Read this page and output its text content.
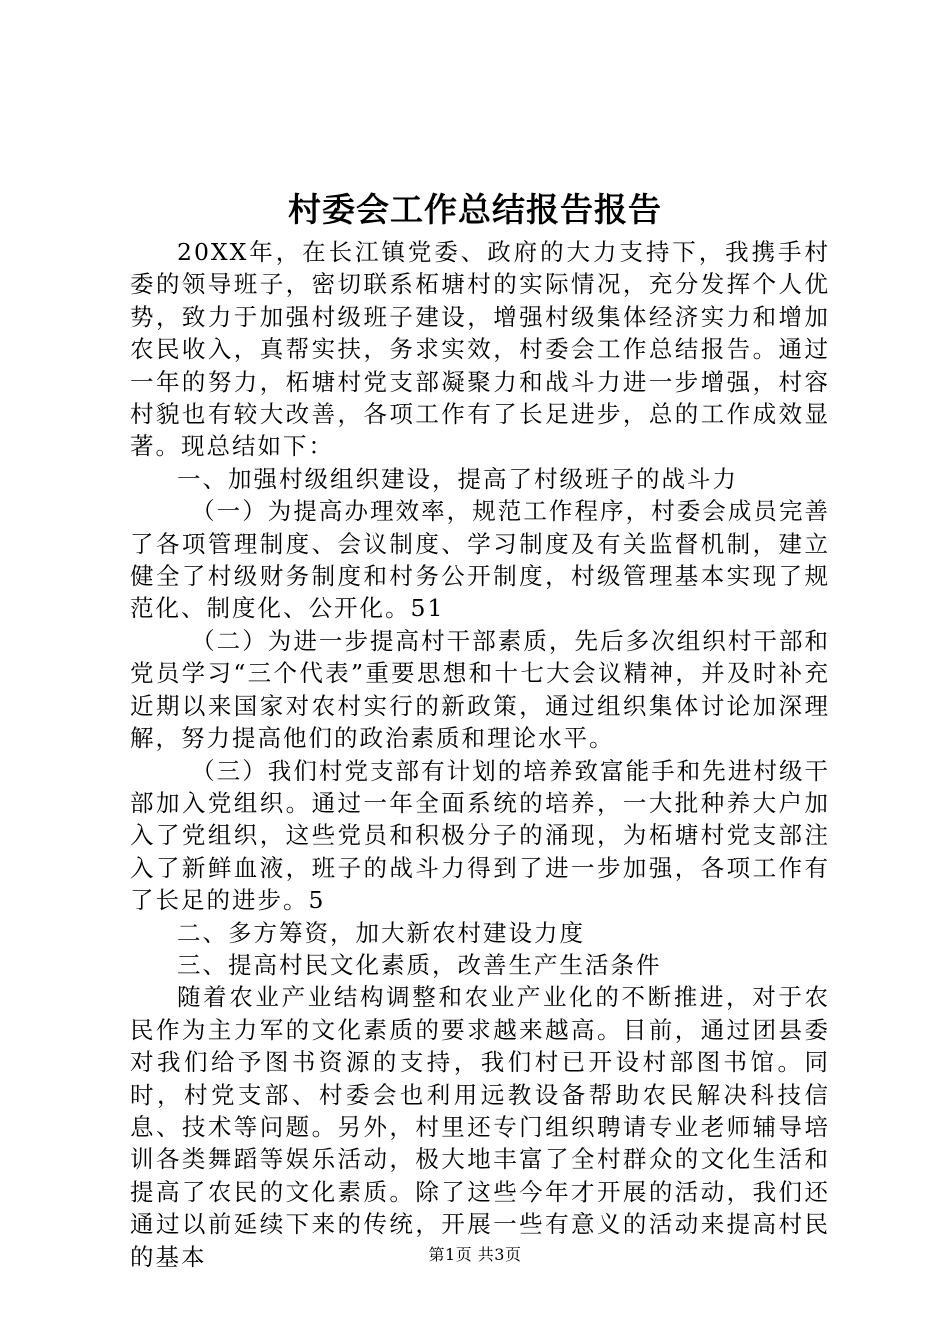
村委会工作总结报告报告

20XX年，在长江镇党委、政府的大力支持下，我携手村委的领导班子，密切联系柘塘村的实际情况，充分发挥个人优势，致力于加强村级班子建设，增强村级集体经济实力和增加农民收入，真帮实扶，务求实效，村委会工作总结报告。通过一年的努力，柘塘村党支部凝聚力和战斗力进一步增强，村容村貌也有较大改善，各项工作有了长足进步，总的工作成效显著。现总结如下：

一、加强村级组织建设，提高了村级班子的战斗力

（一）为提高办理效率，规范工作程序，村委会成员完善了各项管理制度、会议制度、学习制度及有关监督机制，建立健全了村级财务制度和村务公开制度，村级管理基本实现了规范化、制度化、公开化。51

（二）为进一步提高村干部素质，先后多次组织村干部和党员学习“三个代表”重要思想和十七大会议精神，并及时补充近期以来国家对农村实行的新政策，通过组织集体讨论加深理解，努力提高他们的政治素质和理论水平。

（三）我们村党支部有计划的培养致富能手和先进村级干部加入党组织。通过一年全面系统的培养，一大批种养大户加入了党组织，这些党员和积极分子的涌现，为柘塘村党支部注入了新鲜血液，班子的战斗力得到了进一步加强，各项工作有了长足的进步。5

二、多方筹资，加大新农村建设力度

三、提高村民文化素质，改善生产生活条件

随着农业产业结构调整和农业产业化的不断推进，对于农民作为主力军的文化素质的要求越来越高。目前，通过团县委对我们给予图书资源的支持，我们村已开设村部图书馆。同时，村党支部、村委会也利用远教设备帮助农民解决科技信息、技术等问题。另外，村里还专门组织聘请专业老师辅导培训各类舞蹈等娱乐活动，极大地丰富了全村群众的文化生活和提高了农民的文化素质。除了这些今年才开展的活动，我们还通过以前延续下来的传统，开展一些有意义的活动来提高村民的基本	第1页 共3页
